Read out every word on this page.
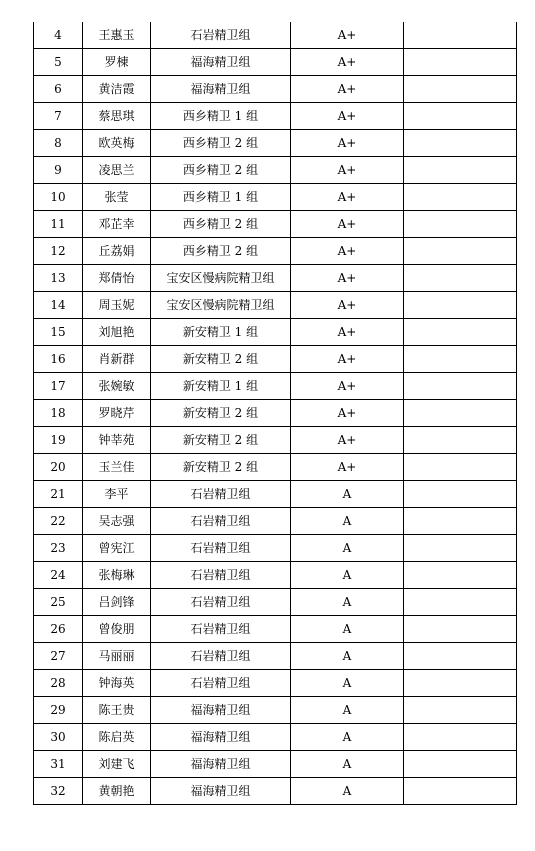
4	王惠玉	石岩精卫组	A+	
5	罗棟	福海精卫组	A+	
6	黄洁霞	福海精卫组	A+	
7	蔡思琪	西乡精卫 1 组	A+	
8	欧英梅	西乡精卫 2 组	A+	
9	凌思兰	西乡精卫 2 组	A+	
10	张莹	西乡精卫 1 组	A+	
11	邓芷幸	西乡精卫 2 组	A+	
12	丘荔娟	西乡精卫 2 组	A+	
13	郑倩怡	宝安区慢病院精卫组	A+	
14	周玉妮	宝安区慢病院精卫组	A+	
15	刘旭艳	新安精卫 1 组	A+	
16	肖新群	新安精卫 2 组	A+	
17	张婉敏	新安精卫 1 组	A+	
18	罗晓芹	新安精卫 2 组	A+	
19	钟莘苑	新安精卫 2 组	A+	
20	玉兰佳	新安精卫 2 组	A+	
21	李平	石岩精卫组	A	
22	吴志强	石岩精卫组	A	
23	曾宪江	石岩精卫组	A	
24	张梅琳	石岩精卫组	A	
25	吕剑锋	石岩精卫组	A	
26	曾俊朋	石岩精卫组	A	
27	马丽丽	石岩精卫组	A	
28	钟海英	石岩精卫组	A	
29	陈王贵	福海精卫组	A	
30	陈启英	福海精卫组	A	
31	刘建飞	福海精卫组	A	
32	黄朝艳	福海精卫组	A	
